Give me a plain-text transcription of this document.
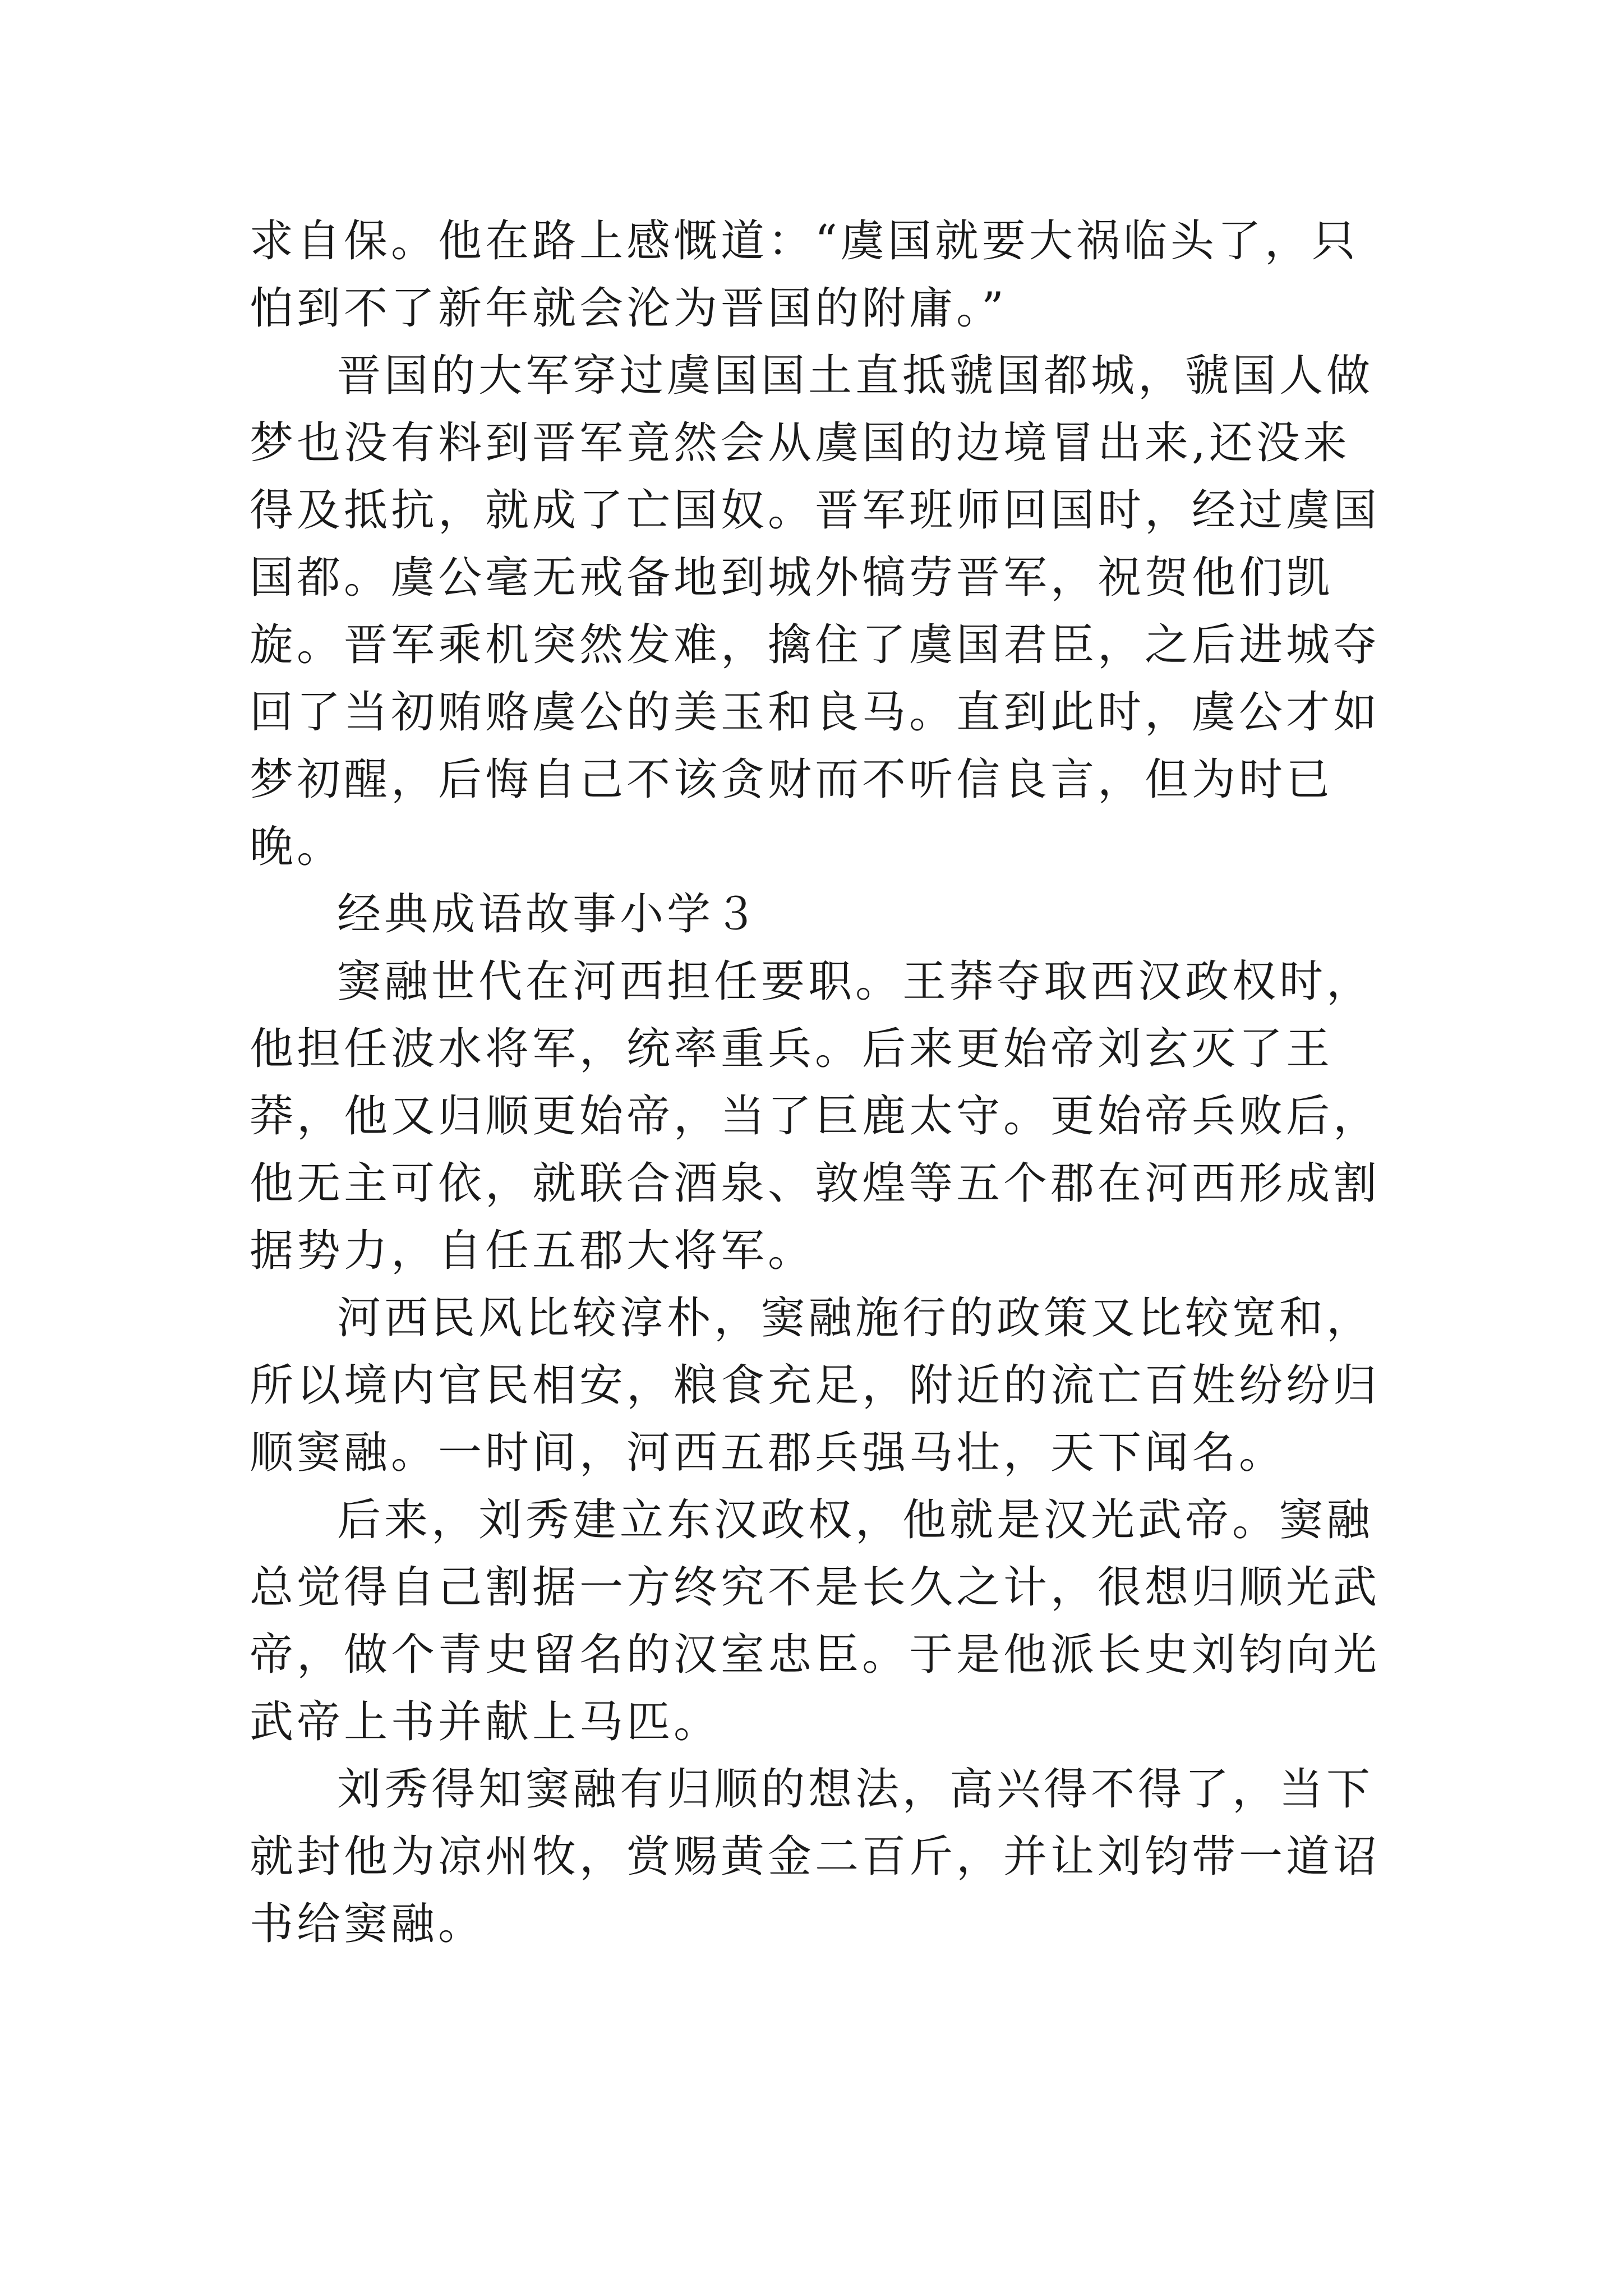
求自保。他在路上感慨道：“虞国就要大祸临头了，只怕到不了新年就会沦为晋国的附庸。”

晋国的大军穿过虞国国土直抵虢国都城，虢国人做梦也没有料到晋军竟然会从虞国的边境冒出来,还没来得及抵抗，就成了亡国奴。晋军班师回国时，经过虞国国都。虞公毫无戒备地到城外犒劳晋军，祝贺他们凯旋。晋军乘机突然发难，擒住了虞国君臣，之后进城夺回了当初贿赂虞公的美玉和良马。直到此时，虞公才如梦初醒，后悔自己不该贪财而不听信良言，但为时已晚。

经典成语故事小学３

窦融世代在河西担任要职。王莽夺取西汉政权时，他担任波水将军，统率重兵。后来更始帝刘玄灭了王莽，他又归顺更始帝，当了巨鹿太守。更始帝兵败后，他无主可依，就联合酒泉、敦煌等五个郡在河西形成割据势力，自任五郡大将军。

河西民风比较淳朴，窦融施行的政策又比较宽和，所以境内官民相安，粮食充足，附近的流亡百姓纷纷归顺窦融。一时间，河西五郡兵强马壮，天下闻名。

后来，刘秀建立东汉政权，他就是汉光武帝。窦融总觉得自己割据一方终究不是长久之计，很想归顺光武帝，做个青史留名的汉室忠臣。于是他派长史刘钧向光武帝上书并献上马匹。

刘秀得知窦融有归顺的想法，高兴得不得了，当下就封他为凉州牧，赏赐黄金二百斤，并让刘钧带一道诏书给窦融。
